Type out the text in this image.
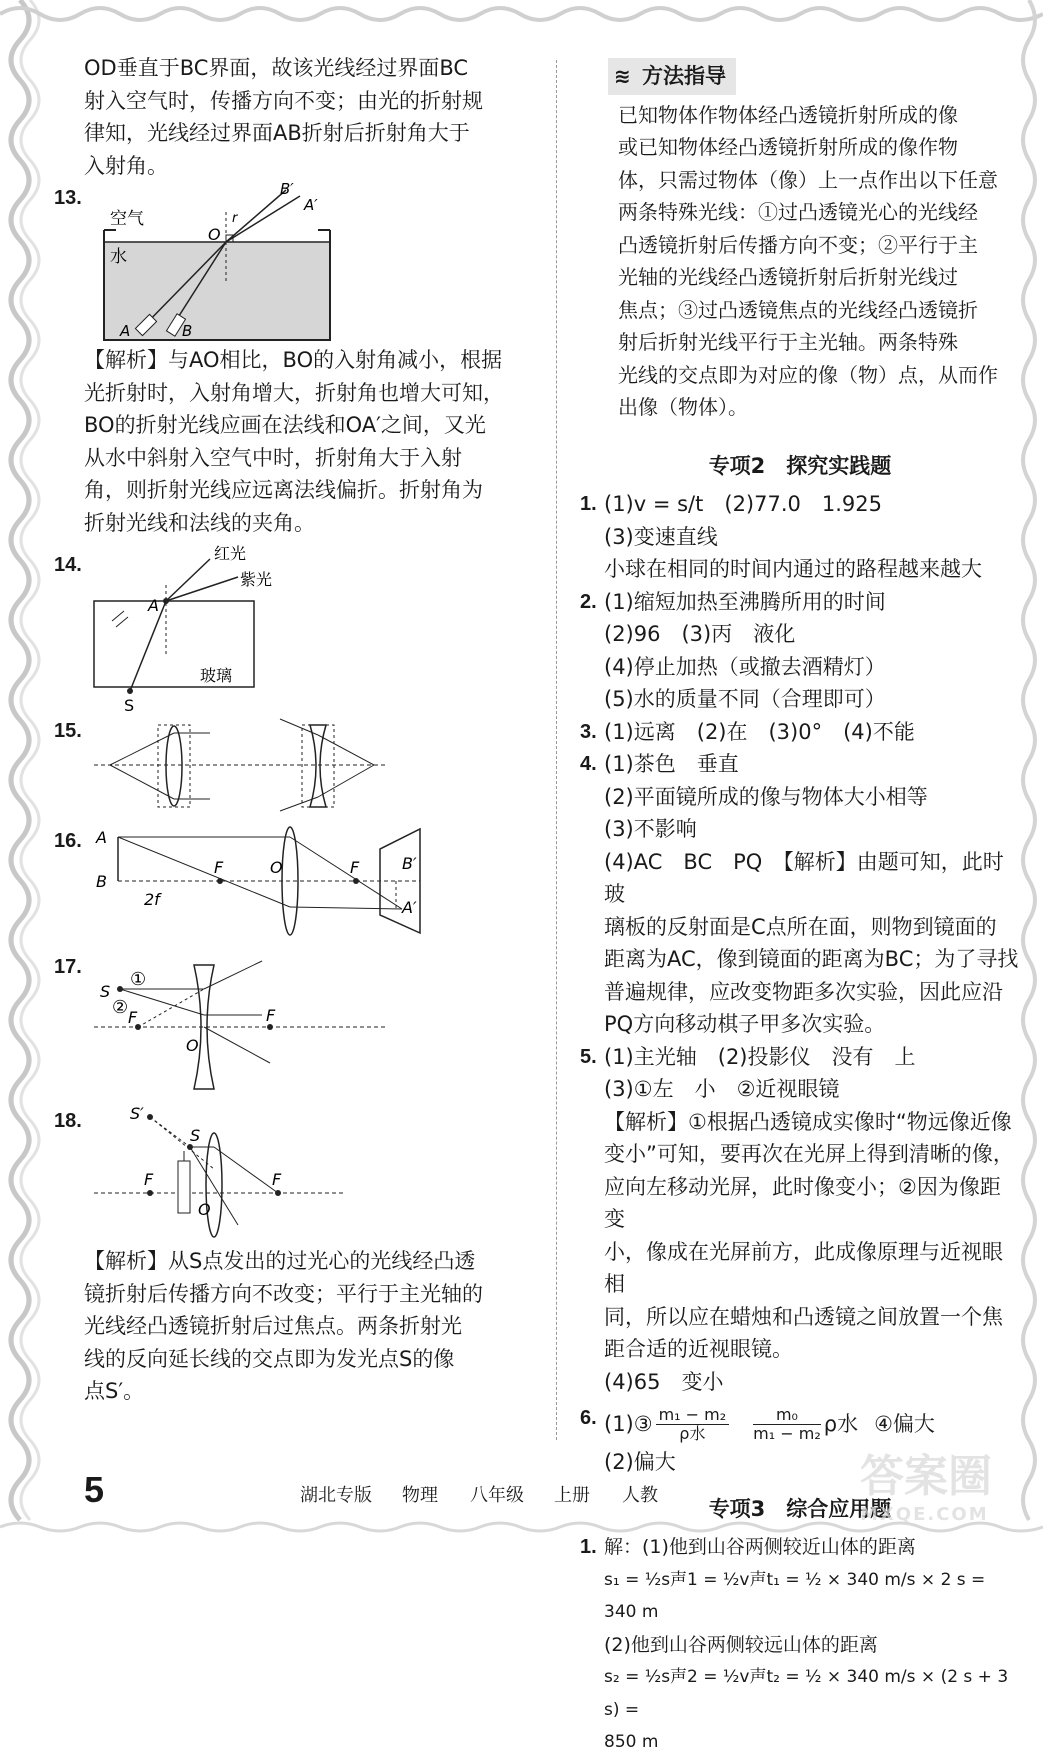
OD垂直于BC界面，故该光线经过界面BC

射入空气时，传播方向不变；由光的折射规

律知，光线经过界面AB折射后折射角大于

入射角。

13.
空气
水
O
r
B′
A′
A	B

【解析】与AO相比，BO的入射角减小，根据

光折射时，入射角增大，折射角也增大可知，

BO的折射光线应画在法线和OA′之间，又光

从水中斜射入空气中时，折射角大于入射

角，则折射光线应远离法线偏折。折射角为

折射光线和法线的夹角。

14.
红光
紫光
A
玻璃
S
15.
16. A
B
F	O	F
2f
B′
A′
17.
S
①
② F	F
O
18.	S′
S
F	F
O

【解析】从S点发出的过光心的光线经凸透

镜折射后传播方向不改变；平行于主光轴的

光线经凸透镜折射后过焦点。两条折射光

线的反向延长线的交点即为发光点S的像

点S′。

≋ 方法指导
已知物体作物体经凸透镜折射所成的像
或已知物体经凸透镜折射所成的像作物
体，只需过物体（像）上一点作出以下任意
两条特殊光线：①过凸透镜光心的光线经
凸透镜折射后传播方向不变；②平行于主
光轴的光线经凸透镜折射后折射光线过
焦点；③过凸透镜焦点的光线经凸透镜折
射后折射光线平行于主光轴。两条特殊
光线的交点即为对应的像（物）点，从而作
出像（物体）。
专项2　探究实践题
1. (1)v = s/t　(2)77.0　1.925
(3)变速直线
小球在相同的时间内通过的路程越来越大
2. (1)缩短加热至沸腾所用的时间
(2)96　(3)丙　液化
(4)停止加热（或撤去酒精灯）
(5)水的质量不同（合理即可）
3. (1)远离　(2)在　(3)0°　(4)不能
4. (1)茶色　垂直
(2)平面镜所成的像与物体大小相等
(3)不影响
(4)AC　BC　PQ　【解析】由题可知，此时玻
璃板的反射面是C点所在面，则物到镜面的
距离为AC，像到镜面的距离为BC；为了寻找
普遍规律，应改变物距多次实验，因此应沿
PQ方向移动棋子甲多次实验。
5. (1)主光轴　(2)投影仪　没有　上
(3)①左　小　②近视眼镜
【解析】①根据凸透镜成实像时“物远像近像
变小”可知，要再次在光屏上得到清晰的像，
应向左移动光屏，此时像变小；②因为像距变
小，像成在光屏前方，此成像原理与近视眼相
同，所以应在蜡烛和凸透镜之间放置一个焦
距合适的近视眼镜。
(4)65　变小
6. (1)③ $\frac{\text{m₁ − m₂}}{\text{ρ水}} \frac{\text{m₀}}{\text{m₁ − m₂}}$ ρ水 ④偏大
(2)偏大
专项3　综合应用题
1. 解：(1)他到山谷两侧较近山体的距离
s₁ = ½s声1 = ½v声t₁ = ½ × 340 m/s × 2 s = 340 m
(2)他到山谷两侧较远山体的距离
s₂ = ½s声2 = ½v声t₂ = ½ × 340 m/s × (2 s + 3 s) =
850 m
5	湖北专版 物理 八年级 上册 人教	答案圈
MXQE.COM
